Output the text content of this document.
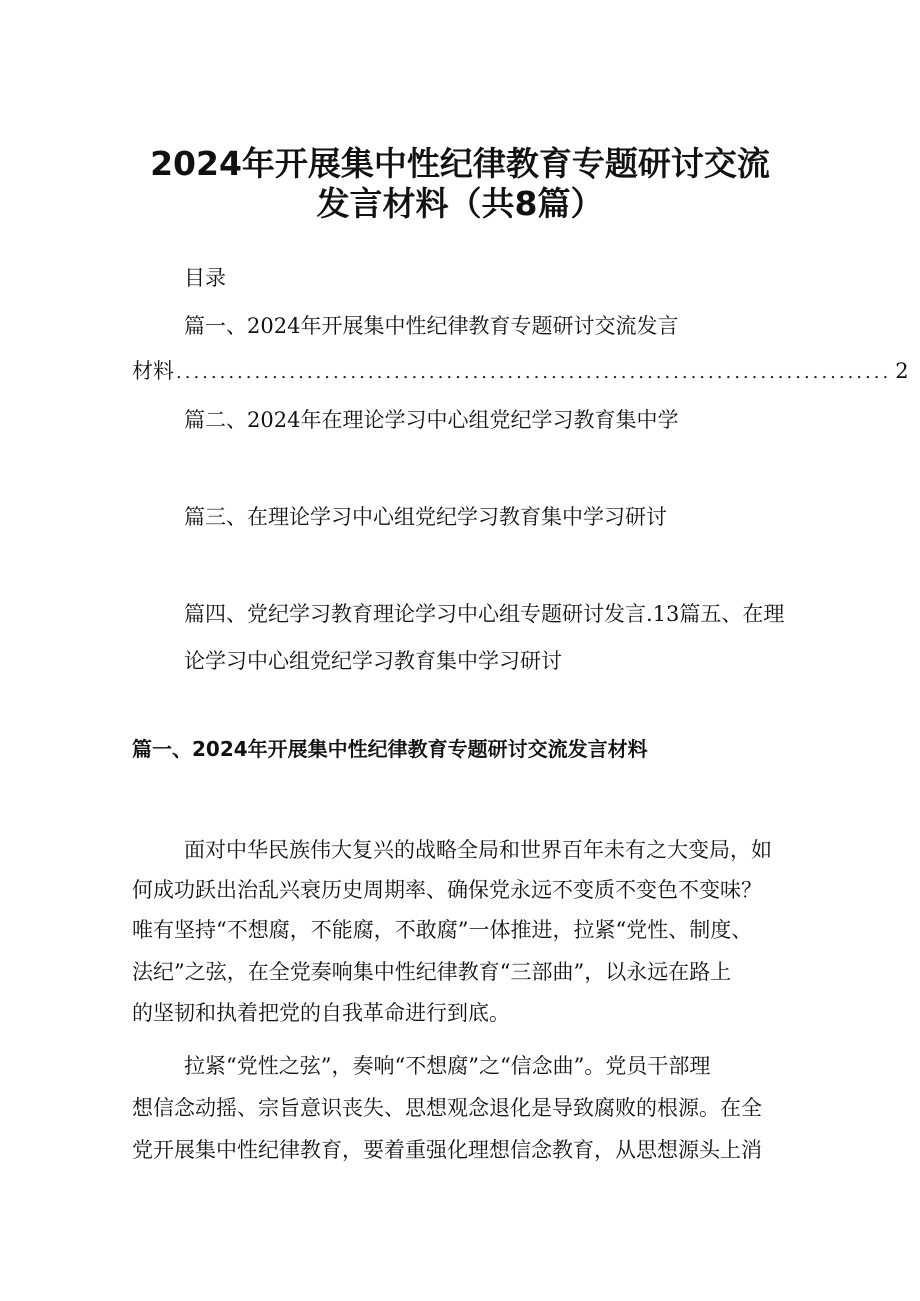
2024年开展集中性纪律教育专题研讨交流
发言材料（共8篇）
目录
篇一、2024年开展集中性纪律教育专题研讨交流发言
材料 .................................................................................. 2
篇二、2024年在理论学习中心组党纪学习教育集中学
篇三、在理论学习中心组党纪学习教育集中学习研讨
篇四、党纪学习教育理论学习中心组专题研讨发言.13篇五、在理
论学习中心组党纪学习教育集中学习研讨
篇一、2024年开展集中性纪律教育专题研讨交流发言材料
面对中华民族伟大复兴的战略全局和世界百年未有之大变局，如
何成功跃出治乱兴衰历史周期率、确保党永远不变质不变色不变味？
唯有坚持“不想腐，不能腐，不敢腐”一体推进，拉紧“党性、制度、
法纪”之弦，在全党奏响集中性纪律教育“三部曲”，以永远在路上
的坚韧和执着把党的自我革命进行到底。
拉紧“党性之弦”，奏响“不想腐”之“信念曲”。党员干部理
想信念动摇、宗旨意识丧失、思想观念退化是导致腐败的根源。在全
党开展集中性纪律教育，要着重强化理想信念教育，从思想源头上消
